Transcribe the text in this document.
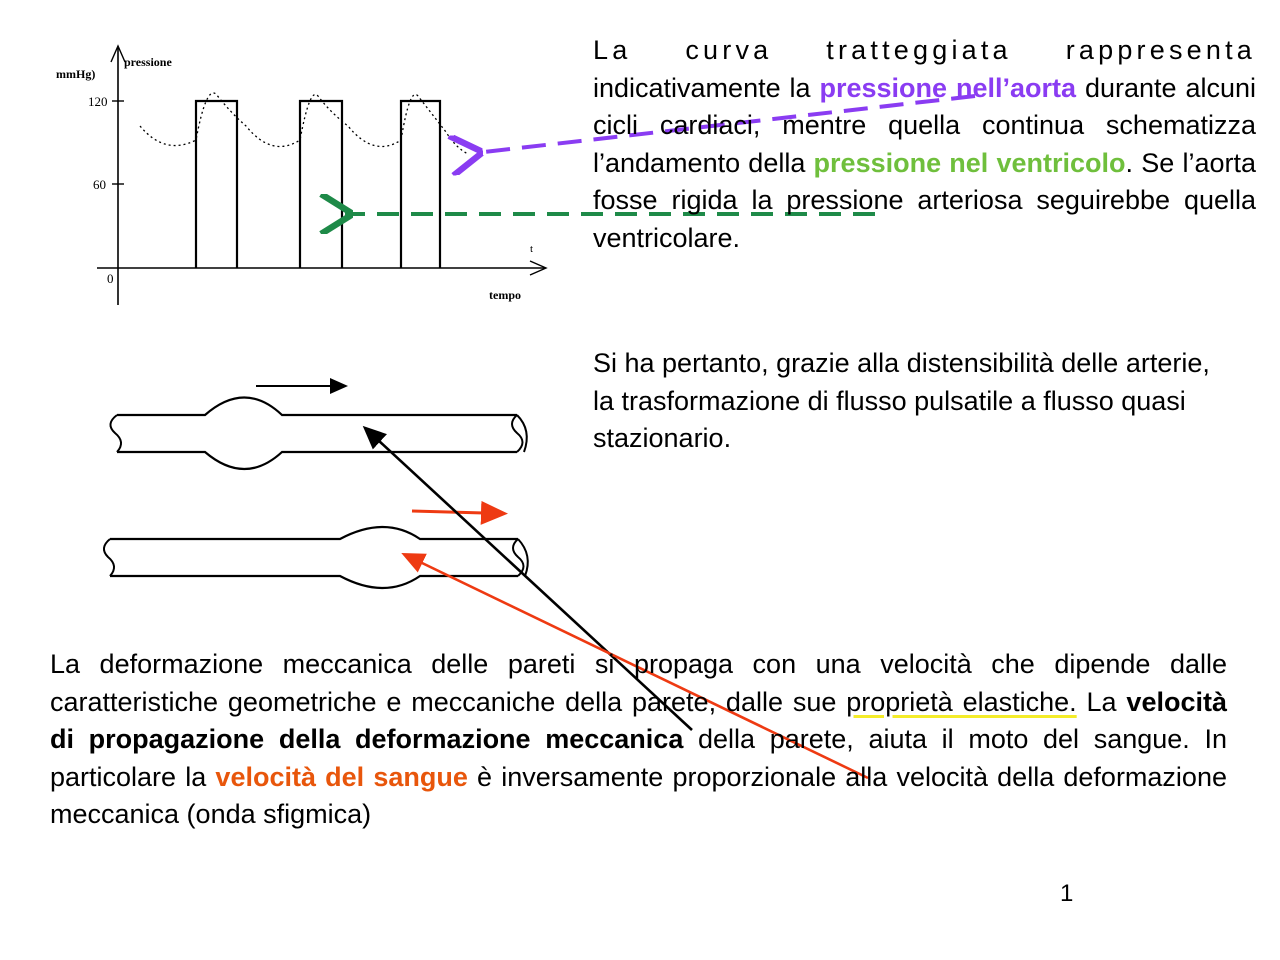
mmHg)
pressione
120
60
0
tempo
t
La curva tratteggiata rappresenta indicativamente la pressione nell’aorta durante alcuni cicli cardiaci, mentre quella continua schematizza l’andamento della pressione nel ventricolo. Se l’aorta fosse rigida la pressione arteriosa seguirebbe quella ventricolare.
Si ha pertanto, grazie alla distensibilità delle arterie, la trasformazione di flusso pulsatile a flusso quasi stazionario.
La deformazione meccanica delle pareti si propaga con una velocità che dipende dalle caratteristiche geometriche e meccaniche della parete, dalle sue proprietà elastiche. La velocità di propagazione della deformazione meccanica della parete, aiuta il moto del sangue. In particolare la velocità del sangue è inversamente proporzionale alla velocità della deformazione meccanica (onda sfigmica)
1
